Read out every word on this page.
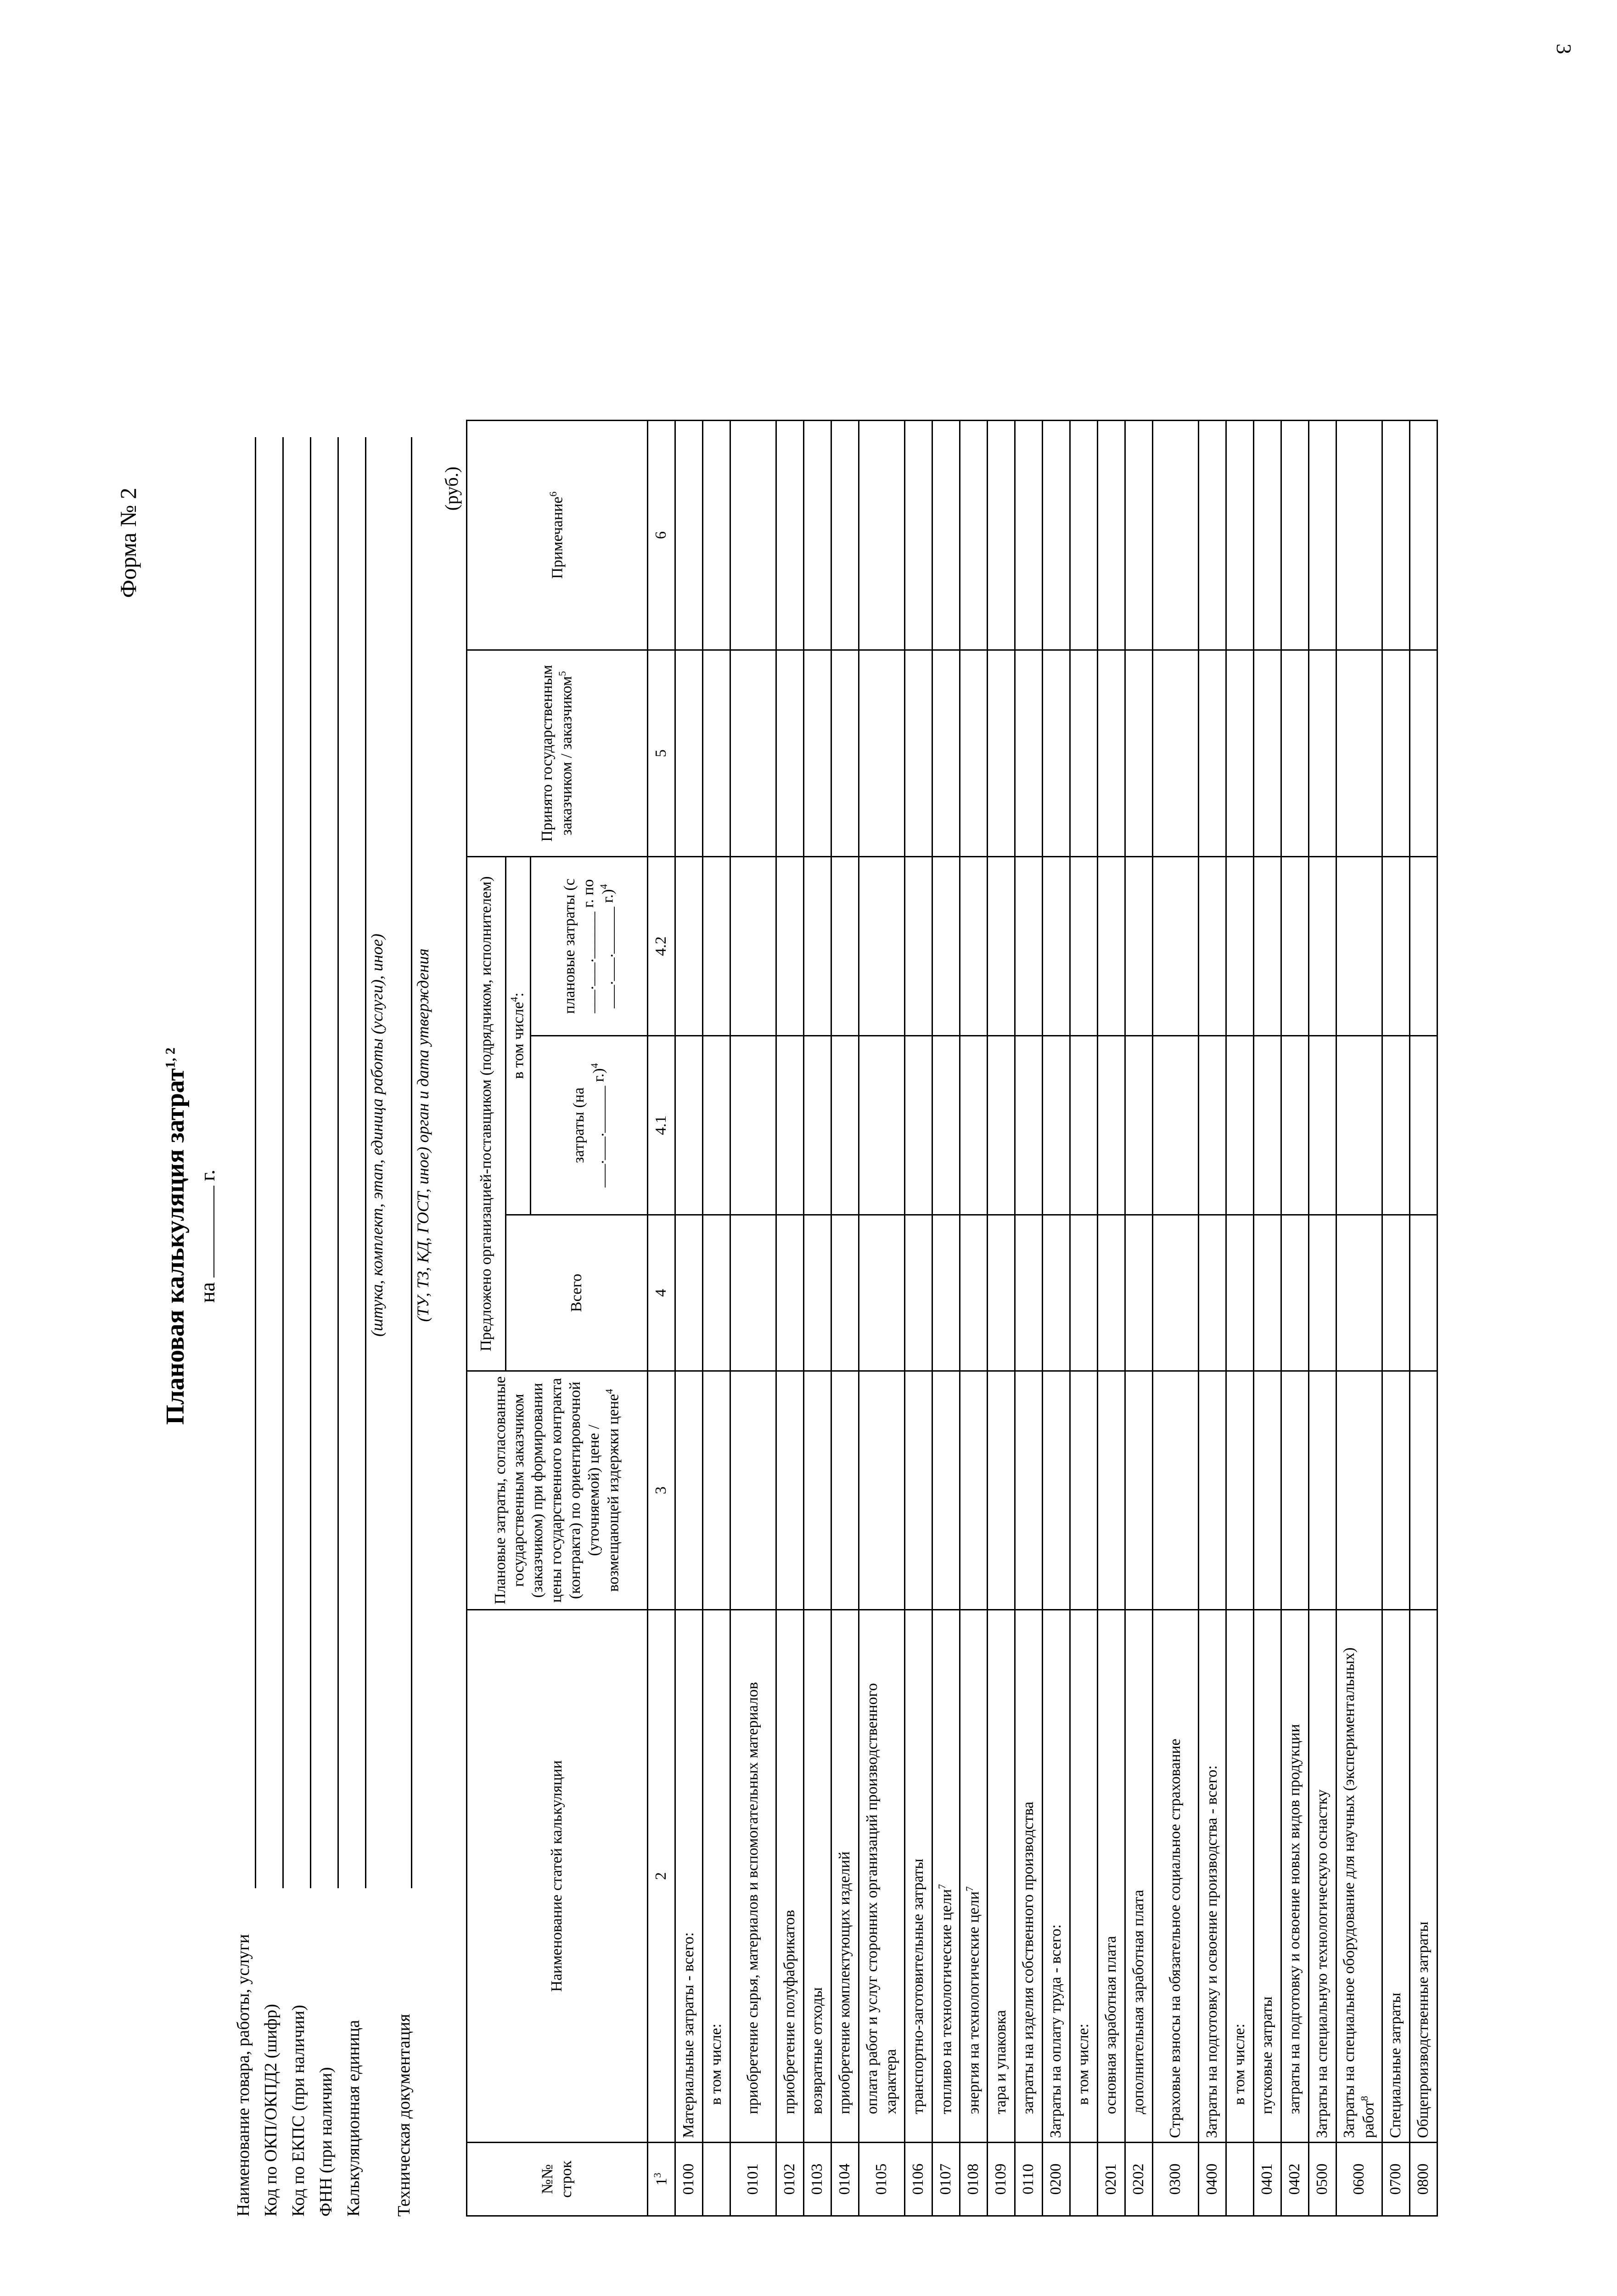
3
Форма № 2
Плановая калькуляция затрат$^{1, 2}$
наг.
Наименование товара, работы, услуги Код по ОКП/ОКПД2 (шифр) Код по ЕКПС (при наличии) ФНН (при наличии) Калькуляционная единица Техническая документация
(штука, комплект, этап, единица работы (услуги), иное) (ТУ, ТЗ, КД, ГОСТ, иное) орган и дата утверждения
(руб.)
№№ строк	Наименование статей калькуляции	Плановые затраты, согласованные государственным заказчиком (заказчиком) при формировании цены государственного контракта (контракта) по ориентировочной (уточняемой) цене / возмещающей издержки цене$^4$	Предложено организацией-поставщиком (подрядчиком, исполнителем)			Принято государственным заказчиком / заказчиком$^5$	Примечание$^6$
			Всего	в том числе$^4$:			
				затраты (на ___.___.______ г.)$^4$	плановые затраты (с ___.___.______ г. по ___.___.______ г.)$^4$
$1^3$	2	3	4	4.1	4.2	5	6
0100	Материальные затраты - всего:						
	в том числе:						
0101	приобретение сырья, материалов и вспомогательных материалов						
0102	приобретение полуфабрикатов						
0103	возвратные отходы						
0104	приобретение комплектующих изделий						
0105	оплата работ и услуг сторонних организаций производственного характера						
0106	транспортно-заготовительные затраты						
0107	топливо на технологические цели$^7$						
0108	энергия на технологические цели$^7$						
0109	тара и упаковка						
0110	затраты на изделия собственного производства						
0200	Затраты на оплату труда - всего:						
	в том числе:						
0201	основная заработная плата						
0202	дополнительная заработная плата						
0300	Страховые взносы на обязательное социальное страхование						
0400	Затраты на подготовку и освоение производства - всего:						
	в том числе:						
0401	пусковые затраты						
0402	затраты на подготовку и освоение новых видов продукции						
0500	Затраты на специальную технологическую оснастку						
0600	Затраты на специальное оборудование для научных (экспериментальных) работ$^8$						
0700	Специальные затраты						
0800	Общепроизводственные затраты						
